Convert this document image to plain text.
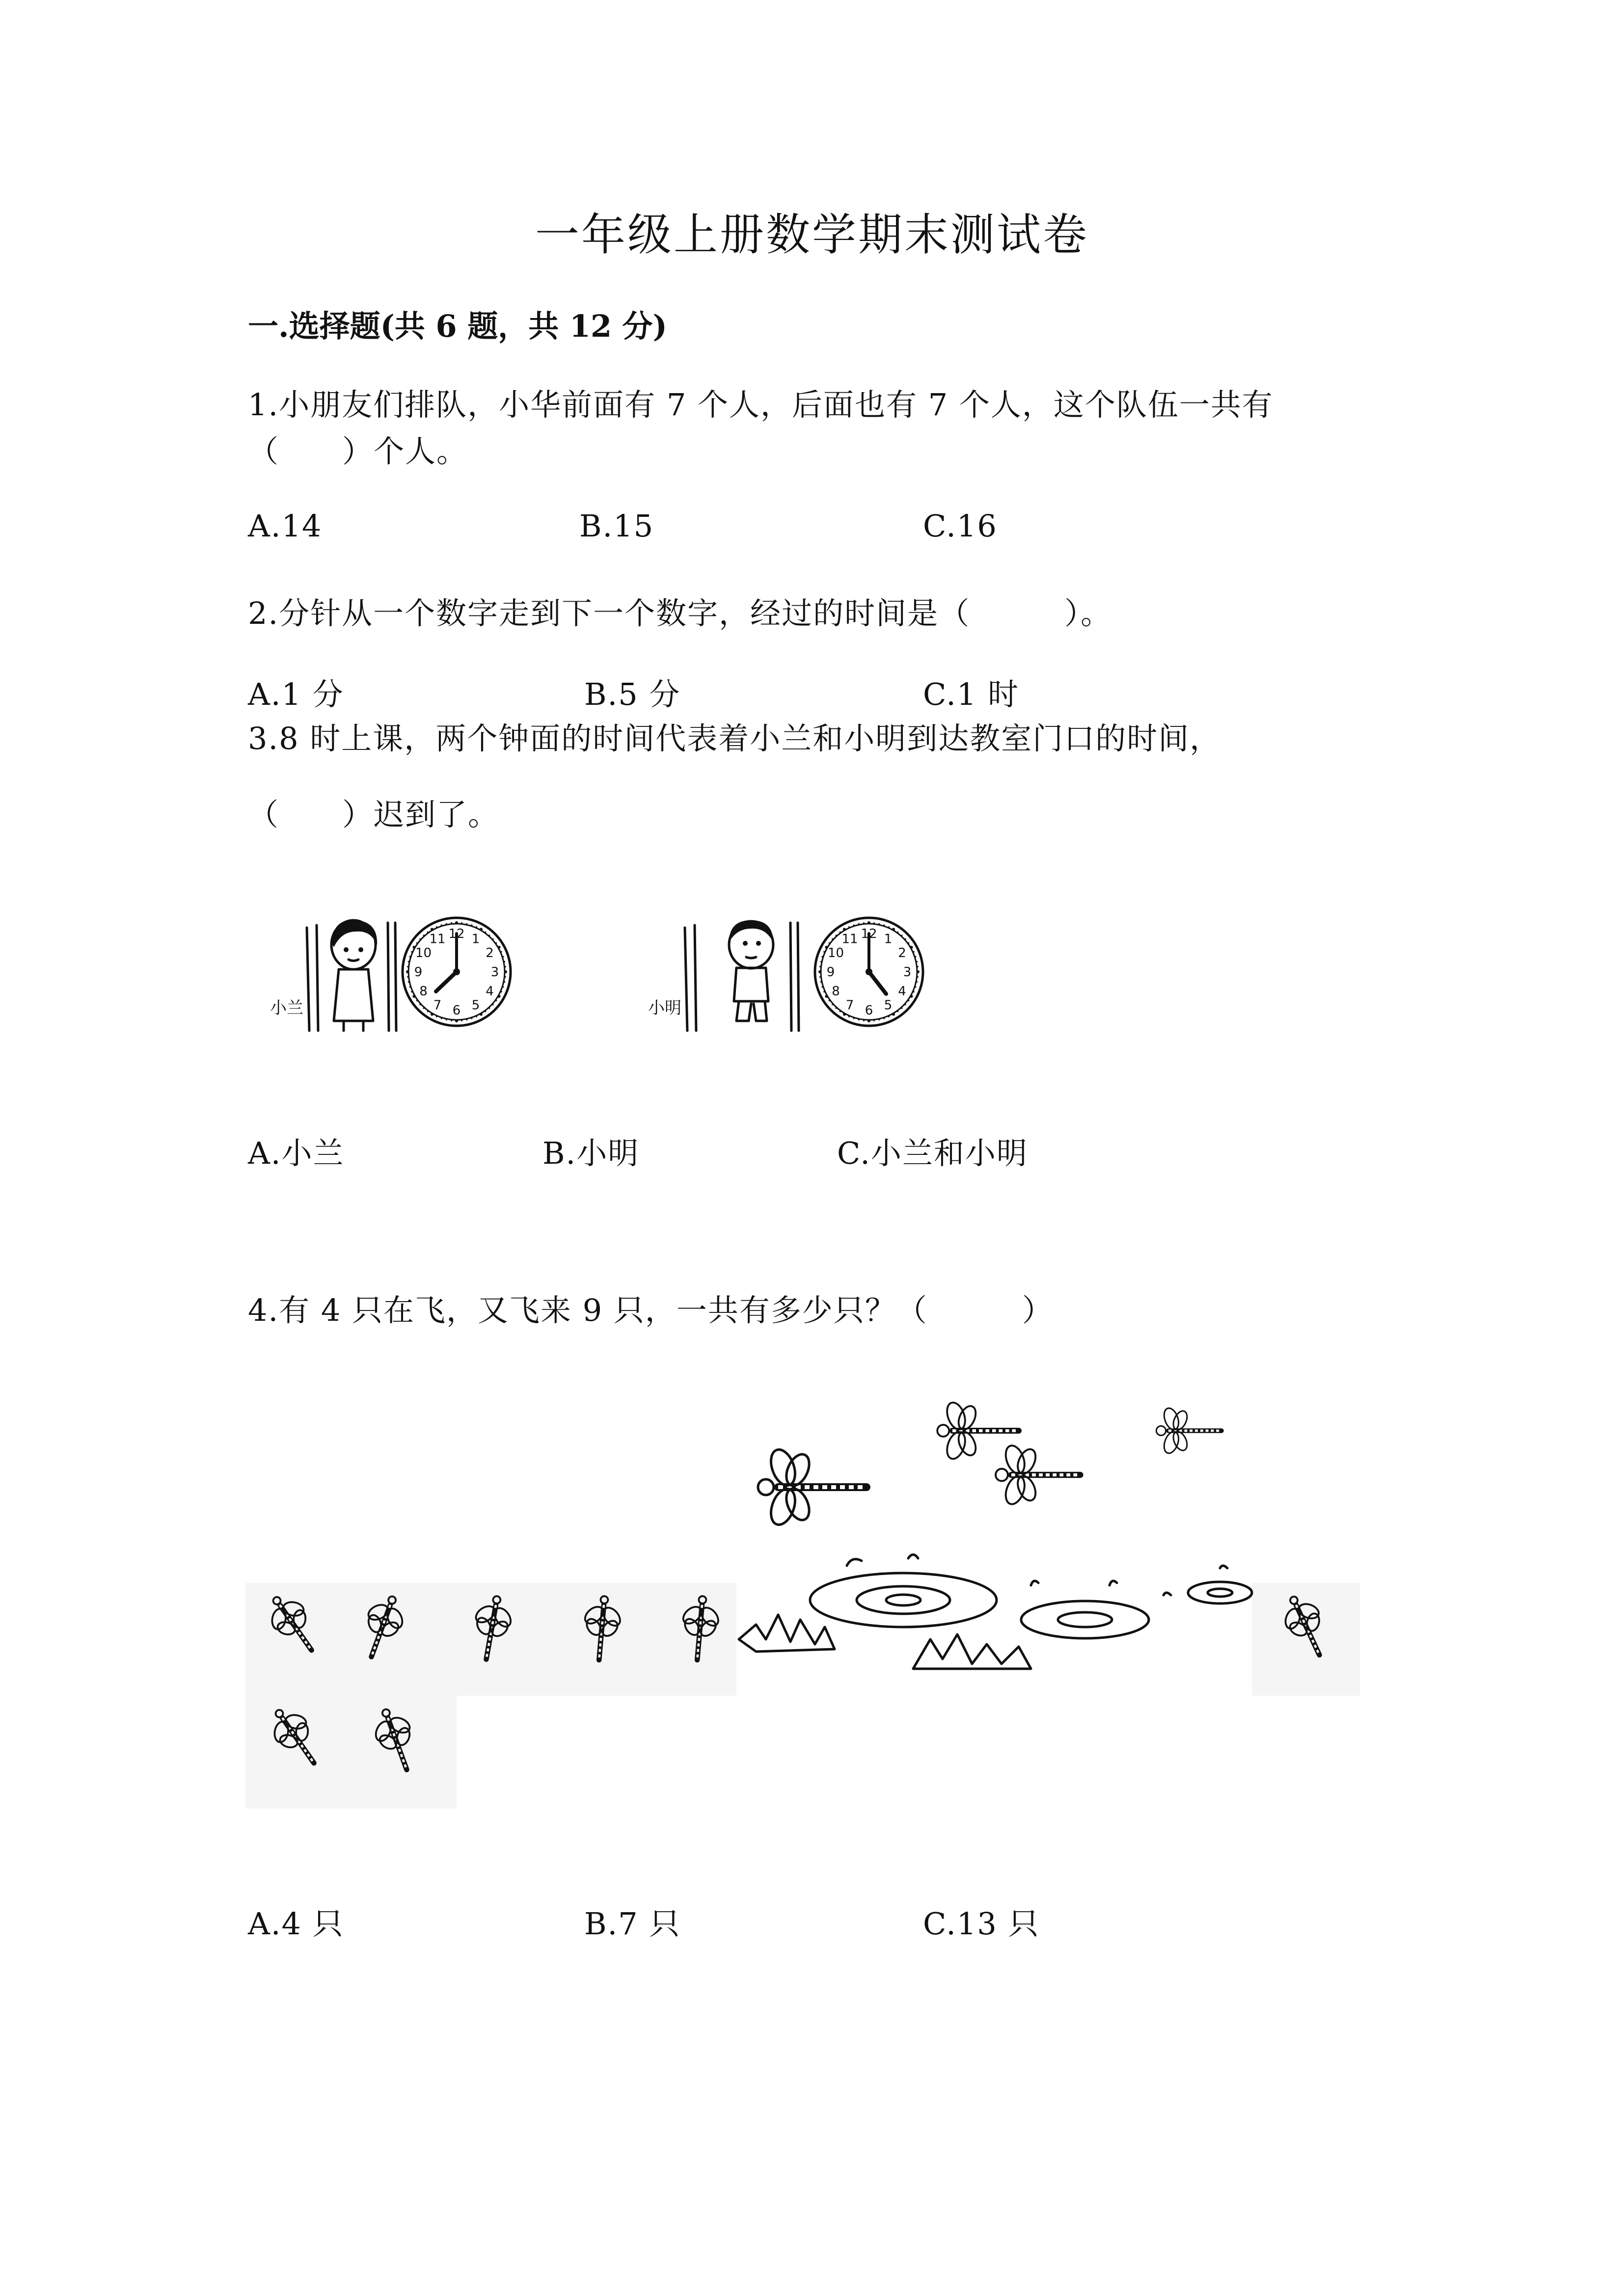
一年级上册数学期末测试卷
一.选择题(共 6 题，共 12 分)
1.小朋友们排队，小华前面有 7 个人，后面也有 7 个人，这个队伍一共有
（　　）个人。
A.14	B.15	C.16
2.分针从一个数字走到下一个数字，经过的时间是（　　　）。
A.1 分	B.5 分	C.1 时
3.8 时上课，两个钟面的时间代表着小兰和小明到达教室门口的时间，
（　　）迟到了。
小兰
12 1
2
3
4
5
6
7
8
9
10
11
小明
12 1
2
3
4
5
6
7
8
9
10
11
A.小兰	B.小明	C.小兰和小明
4.有 4 只在飞，又飞来 9 只，一共有多少只？（　　　）
A.4 只	B.7 只	C.13 只
